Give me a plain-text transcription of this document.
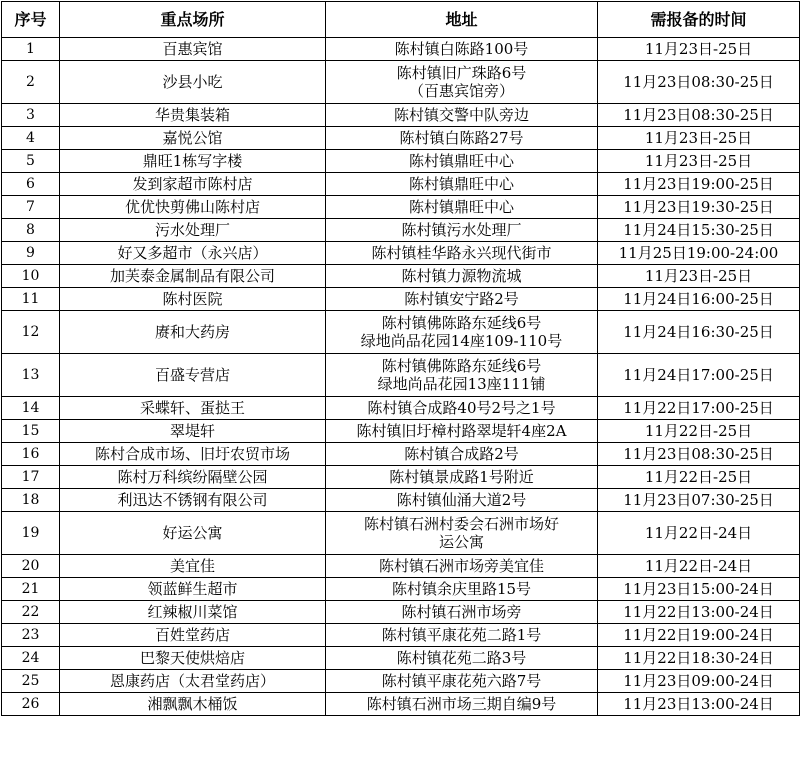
序号	重点场所	地址	需报备的时间
1	百惠宾馆	陈村镇白陈路100号	11月23日-25日
2	沙县小吃	陈村镇旧广珠路6号
（百惠宾馆旁）	11月23日08:30-25日
3	华贵集装箱	陈村镇交警中队旁边	11月23日08:30-25日
4	嘉悦公馆	陈村镇白陈路27号	11月23日-25日
5	鼎旺1栋写字楼	陈村镇鼎旺中心	11月23日-25日
6	发到家超市陈村店	陈村镇鼎旺中心	11月23日19:00-25日
7	优优快剪佛山陈村店	陈村镇鼎旺中心	11月23日19:30-25日
8	污水处理厂	陈村镇污水处理厂	11月24日15:30-25日
9	好又多超市（永兴店）	陈村镇桂华路永兴现代街市	11月25日19:00-24:00
10	加芙泰金属制品有限公司	陈村镇力源物流城	11月23日-25日
11	陈村医院	陈村镇安宁路2号	11月24日16:00-25日
12	赓和大药房	陈村镇佛陈路东延线6号
绿地尚品花园14座109-110号	11月24日16:30-25日
13	百盛专营店	陈村镇佛陈路东延线6号
绿地尚品花园13座111铺	11月24日17:00-25日
14	采蝶轩、蛋挞王	陈村镇合成路40号2号之1号	11月22日17:00-25日
15	翠堤轩	陈村镇旧圩樟村路翠堤轩4座2A	11月22日-25日
16	陈村合成市场、旧圩农贸市场	陈村镇合成路2号	11月23日08:30-25日
17	陈村万科缤纷隔壁公园	陈村镇景成路1号附近	11月22日-25日
18	利迅达不锈钢有限公司	陈村镇仙涌大道2号	11月23日07:30-25日
19	好运公寓	陈村镇石洲村委会石洲市场好
运公寓	11月22日-24日
20	美宜佳	陈村镇石洲市场旁美宜佳	11月22日-24日
21	领蓝鲜生超市	陈村镇余庆里路15号	11月23日15:00-24日
22	红辣椒川菜馆	陈村镇石洲市场旁	11月22日13:00-24日
23	百姓堂药店	陈村镇平康花苑二路1号	11月22日19:00-24日
24	巴黎天使烘焙店	陈村镇花苑二路3号	11月22日18:30-24日
25	恩康药店（太君堂药店）	陈村镇平康花苑六路7号	11月23日09:00-24日
26	湘飘飘木桶饭	陈村镇石洲市场三期自编9号	11月23日13:00-24日
